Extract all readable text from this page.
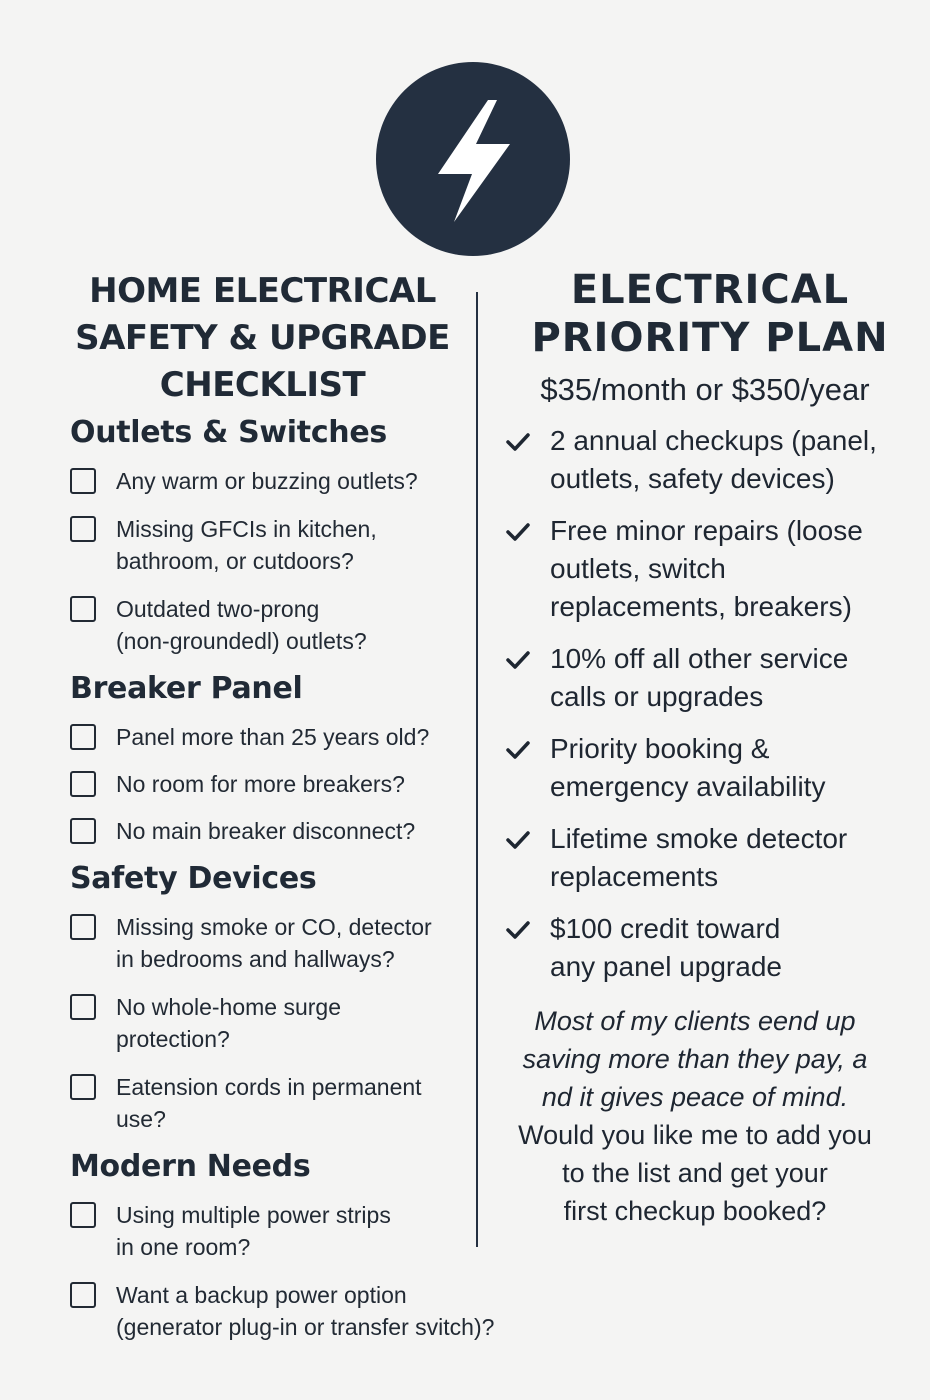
HOME ELECTRICAL
SAFETY & UPGRADE
CHECKLIST
Outlets & Switches
Any warm or buzzing outlets?
Missing GFCIs in kitchen,
bathroom, or cutdoors?
Outdated two-prong
(non-groundedl) outlets?
Breaker Panel
Panel more than 25 years old?
No room for more breakers?
No main breaker disconnect?
Safety Devices
Missing smoke or CO, detector
in bedrooms and hallways?
No whole-home surge
protection?
Eatension cords in permanent
use?
Modern Needs
Using multiple power strips
in one room?
Want a backup power option
(generator plug-in or transfer svitch)?
ELECTRICAL
PRIORITY PLAN
$35/month or $350/year
2 annual checkups (panel,
outlets, safety devices)
Free minor repairs (loose
outlets, switch
replacements, breakers)
10% off all other service
calls or upgrades
Priority booking &
emergency availability
Lifetime smoke detector
replacements
$100 credit toward
any panel upgrade
Most of my clients eend up
saving more than they pay, a
nd it gives peace of mind.
Would you like me to add you
to the list and get your
first checkup booked?
